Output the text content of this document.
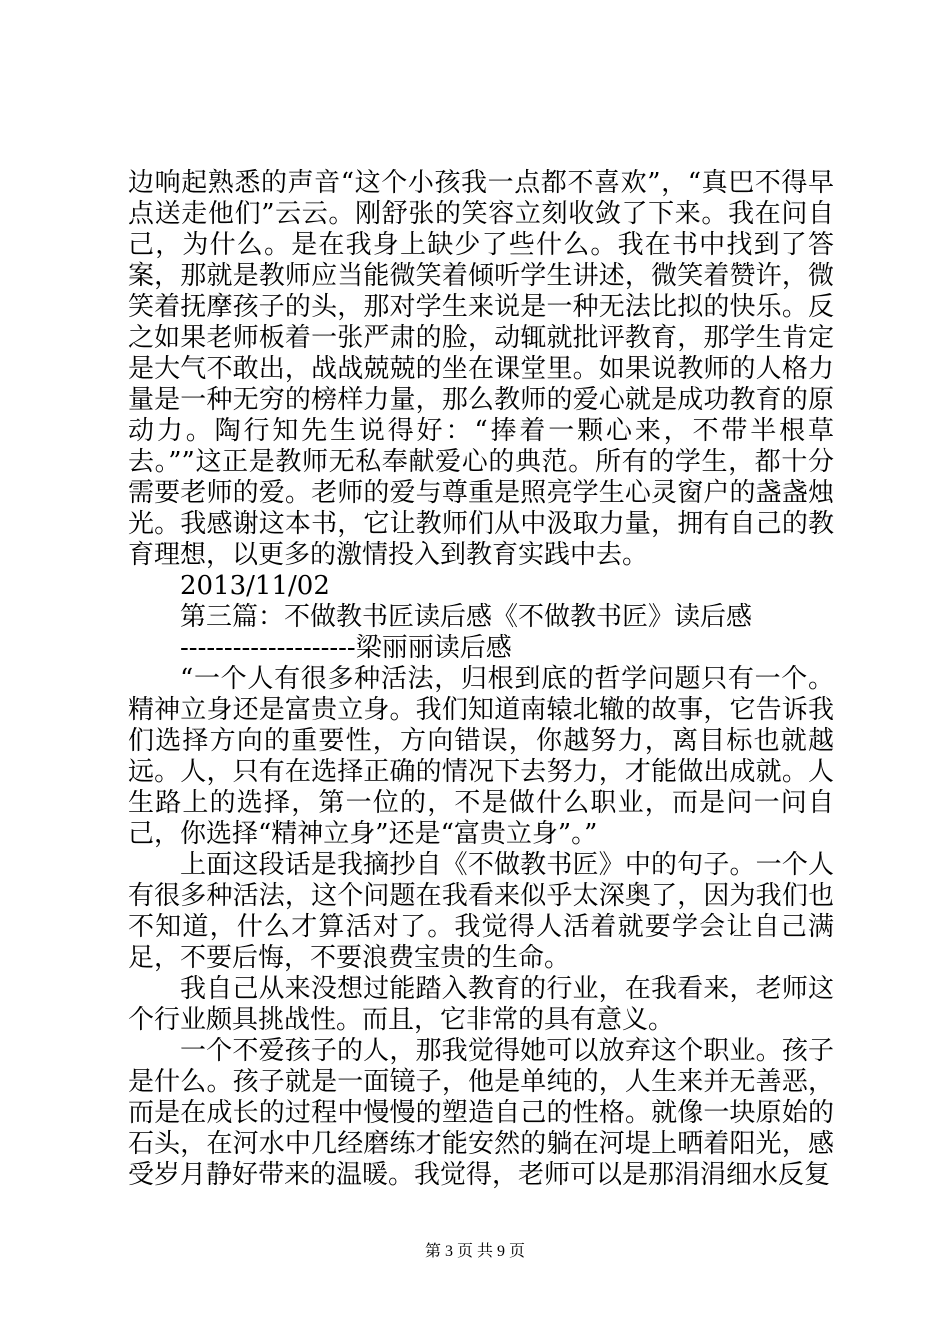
边响起熟悉的声音“这个小孩我一点都不喜欢”，“真巴不得早点送走他们”云云。刚舒张的笑容立刻收敛了下来。我在问自己，为什么。是在我身上缺少了些什么。我在书中找到了答案，那就是教师应当能微笑着倾听学生讲述，微笑着赞许，微笑着抚摩孩子的头，那对学生来说是一种无法比拟的快乐。反之如果老师板着一张严肃的脸，动辄就批评教育，那学生肯定是大气不敢出，战战兢兢的坐在课堂里。如果说教师的人格力量是一种无穷的榜样力量，那么教师的爱心就是成功教育的原动力。陶行知先生说得好：“捧着一颗心来，不带半根草去。””这正是教师无私奉献爱心的典范。所有的学生，都十分需要老师的爱。老师的爱与尊重是照亮学生心灵窗户的盏盏烛光。我感谢这本书，它让教师们从中汲取力量，拥有自己的教育理想，以更多的激情投入到教育实践中去。

2013/11/02

第三篇：不做教书匠读后感《不做教书匠》读后感

--------------------梁丽丽读后感

“一个人有很多种活法，归根到底的哲学问题只有一个。精神立身还是富贵立身。我们知道南辕北辙的故事，它告诉我们选择方向的重要性，方向错误，你越努力，离目标也就越远。人，只有在选择正确的情况下去努力，才能做出成就。人生路上的选择，第一位的，不是做什么职业，而是问一问自己，你选择“精神立身”还是“富贵立身”。”

上面这段话是我摘抄自《不做教书匠》中的句子。一个人有很多种活法，这个问题在我看来似乎太深奥了，因为我们也不知道，什么才算活对了。我觉得人活着就要学会让自己满足，不要后悔，不要浪费宝贵的生命。

我自己从来没想过能踏入教育的行业，在我看来，老师这个行业颇具挑战性。而且，它非常的具有意义。

一个不爱孩子的人，那我觉得她可以放弃这个职业。孩子是什么。孩子就是一面镜子，他是单纯的，人生来并无善恶，而是在成长的过程中慢慢的塑造自己的性格。就像一块原始的石头，在河水中几经磨练才能安然的躺在河堤上晒着阳光，感受岁月静好带来的温暖。我觉得，老师可以是那涓涓细水反复

第 3 页 共 9 页
